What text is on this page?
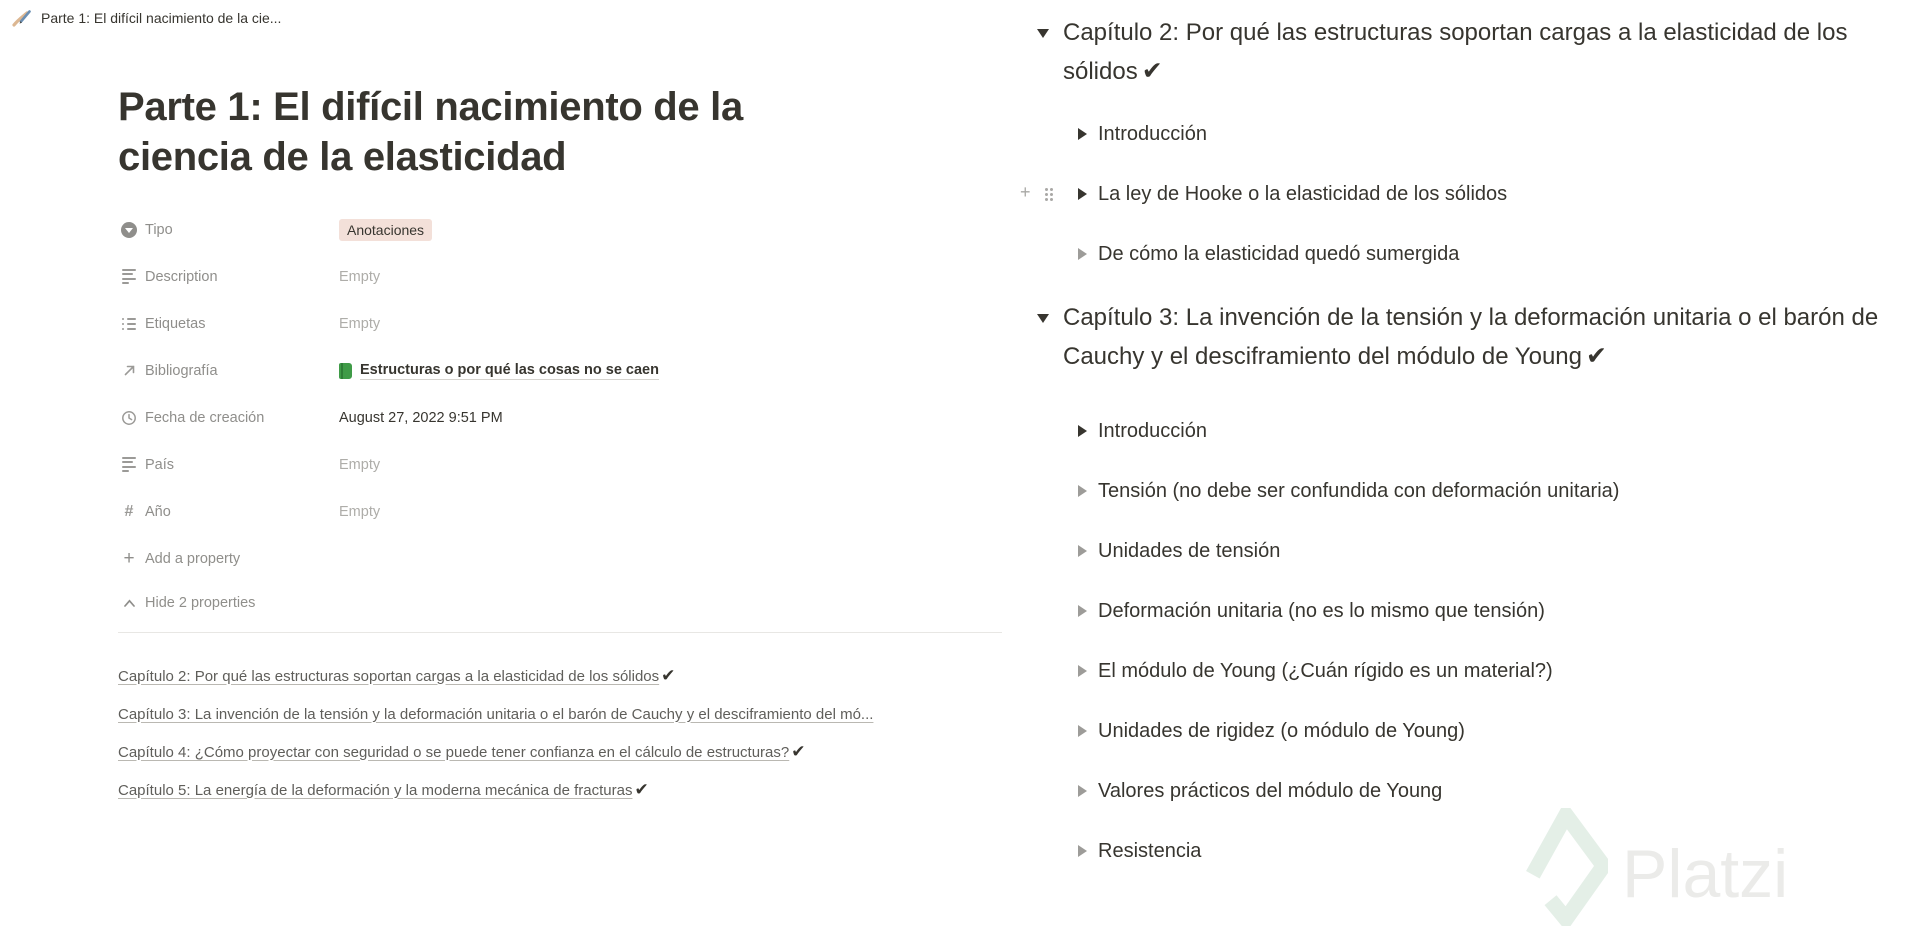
Parte 1: El difícil nacimiento de la cie...
Parte 1: El difícil nacimiento de la ciencia de la elasticidad
Tipo	Anotaciones
Description	Empty
Etiquetas	Empty
Bibliografía	Estructuras o por qué las cosas no se caen
Fecha de creación	August 27, 2022 9:51 PM
País	Empty
# Año	Empty
+ Add a property
Hide 2 properties
Capítulo 2: Por qué las estructuras soportan cargas a la elasticidad de los sólidos ✔
Capítulo 3: La invención de la tensión y la deformación unitaria o el barón de Cauchy y el desciframiento del mó...
Capítulo 4: ¿Cómo proyectar con seguridad o se puede tener confianza en el cálculo de estructuras? ✔
Capítulo 5: La energía de la deformación y la moderna mecánica de fracturas ✔
Capítulo 2: Por qué las estructuras soportan cargas a la elasticidad de los sólidos ✔
Introducción
La ley de Hooke o la elasticidad de los sólidos
+
De cómo la elasticidad quedó sumergida
Capítulo 3: La invención de la tensión y la deformación unitaria o el barón de Cauchy y el desciframiento del módulo de Young ✔
Introducción
Tensión (no debe ser confundida con deformación unitaria)
Unidades de tensión
Deformación unitaria (no es lo mismo que tensión)
El módulo de Young (¿Cuán rígido es un material?)
Unidades de rigidez (o módulo de Young)
Valores prácticos del módulo de Young
Resistencia	Platzi
